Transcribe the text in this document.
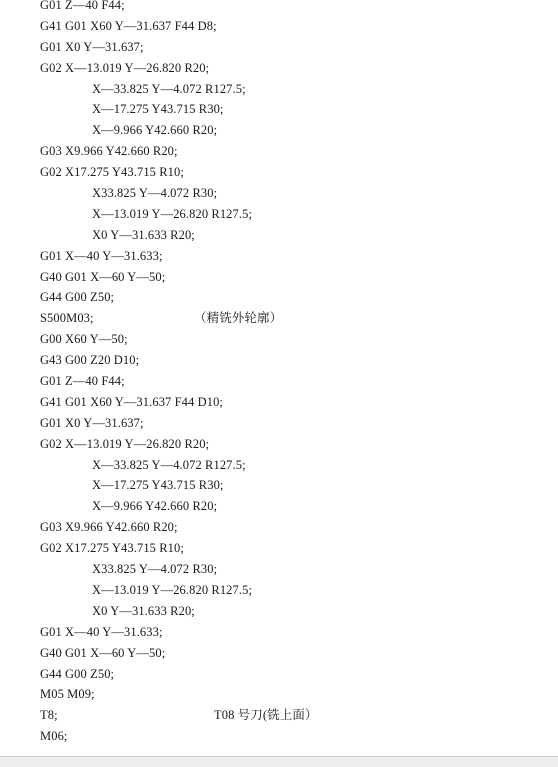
G01 Z—40 F44;
G41 G01 X60 Y—31.637 F44 D8;
G01 X0 Y—31.637;
G02 X—13.019 Y—26.820 R20;
X—33.825 Y—4.072 R127.5;
X—17.275 Y43.715 R30;
X—9.966 Y42.660 R20;
G03 X9.966 Y42.660 R20;
G02 X17.275 Y43.715 R10;
X33.825 Y—4.072 R30;
X—13.019 Y—26.820 R127.5;
X0 Y—31.633 R20;
G01 X—40 Y—31.633;
G40 G01 X—60 Y—50;
G44 G00 Z50;
S500M03;	（精铣外轮廓）
G00 X60 Y—50;
G43 G00 Z20 D10;
G01 Z—40 F44;
G41 G01 X60 Y—31.637 F44 D10;
G01 X0 Y—31.637;
G02 X—13.019 Y—26.820 R20;
X—33.825 Y—4.072 R127.5;
X—17.275 Y43.715 R30;
X—9.966 Y42.660 R20;
G03 X9.966 Y42.660 R20;
G02 X17.275 Y43.715 R10;
X33.825 Y—4.072 R30;
X—13.019 Y—26.820 R127.5;
X0 Y—31.633 R20;
G01 X—40 Y—31.633;
G40 G01 X—60 Y—50;
G44 G00 Z50;
M05 M09;
T8;	T08 号刀(铣上面）
M06;
